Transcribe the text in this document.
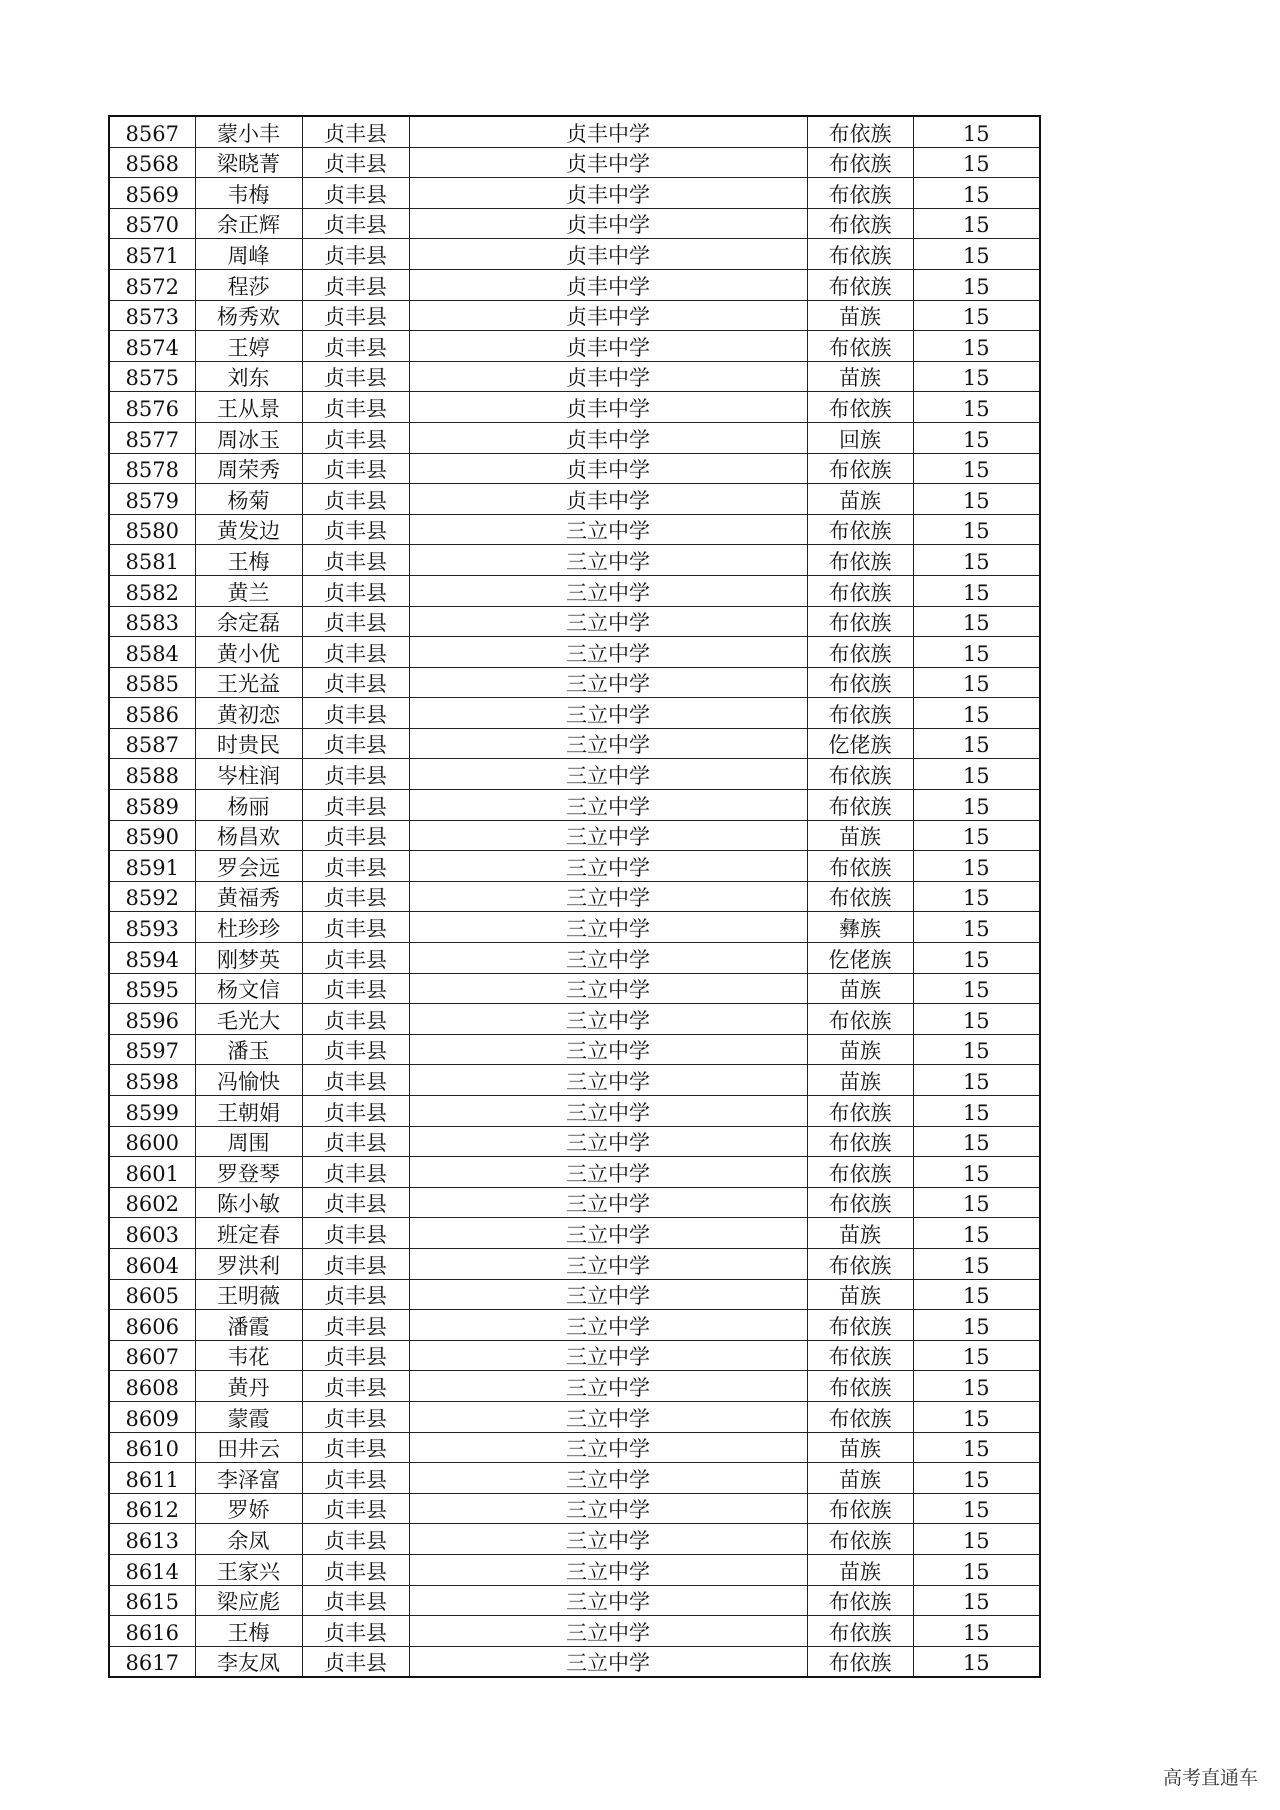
8567	蒙小丰	贞丰县	贞丰中学	布依族	15
8568	梁晓菁	贞丰县	贞丰中学	布依族	15
8569	韦梅	贞丰县	贞丰中学	布依族	15
8570	余正辉	贞丰县	贞丰中学	布依族	15
8571	周峰	贞丰县	贞丰中学	布依族	15
8572	程莎	贞丰县	贞丰中学	布依族	15
8573	杨秀欢	贞丰县	贞丰中学	苗族	15
8574	王婷	贞丰县	贞丰中学	布依族	15
8575	刘东	贞丰县	贞丰中学	苗族	15
8576	王从景	贞丰县	贞丰中学	布依族	15
8577	周冰玉	贞丰县	贞丰中学	回族	15
8578	周荣秀	贞丰县	贞丰中学	布依族	15
8579	杨菊	贞丰县	贞丰中学	苗族	15
8580	黄发边	贞丰县	三立中学	布依族	15
8581	王梅	贞丰县	三立中学	布依族	15
8582	黄兰	贞丰县	三立中学	布依族	15
8583	余定磊	贞丰县	三立中学	布依族	15
8584	黄小优	贞丰县	三立中学	布依族	15
8585	王光益	贞丰县	三立中学	布依族	15
8586	黄初恋	贞丰县	三立中学	布依族	15
8587	时贵民	贞丰县	三立中学	仡佬族	15
8588	岑柱润	贞丰县	三立中学	布依族	15
8589	杨丽	贞丰县	三立中学	布依族	15
8590	杨昌欢	贞丰县	三立中学	苗族	15
8591	罗会远	贞丰县	三立中学	布依族	15
8592	黄福秀	贞丰县	三立中学	布依族	15
8593	杜珍珍	贞丰县	三立中学	彝族	15
8594	刚梦英	贞丰县	三立中学	仡佬族	15
8595	杨文信	贞丰县	三立中学	苗族	15
8596	毛光大	贞丰县	三立中学	布依族	15
8597	潘玉	贞丰县	三立中学	苗族	15
8598	冯愉快	贞丰县	三立中学	苗族	15
8599	王朝娟	贞丰县	三立中学	布依族	15
8600	周围	贞丰县	三立中学	布依族	15
8601	罗登琴	贞丰县	三立中学	布依族	15
8602	陈小敏	贞丰县	三立中学	布依族	15
8603	班定春	贞丰县	三立中学	苗族	15
8604	罗洪利	贞丰县	三立中学	布依族	15
8605	王明薇	贞丰县	三立中学	苗族	15
8606	潘霞	贞丰县	三立中学	布依族	15
8607	韦花	贞丰县	三立中学	布依族	15
8608	黄丹	贞丰县	三立中学	布依族	15
8609	蒙霞	贞丰县	三立中学	布依族	15
8610	田井云	贞丰县	三立中学	苗族	15
8611	李泽富	贞丰县	三立中学	苗族	15
8612	罗娇	贞丰县	三立中学	布依族	15
8613	余凤	贞丰县	三立中学	布依族	15
8614	王家兴	贞丰县	三立中学	苗族	15
8615	梁应彪	贞丰县	三立中学	布依族	15
8616	王梅	贞丰县	三立中学	布依族	15
8617	李友凤	贞丰县	三立中学	布依族	15
高考直通车
